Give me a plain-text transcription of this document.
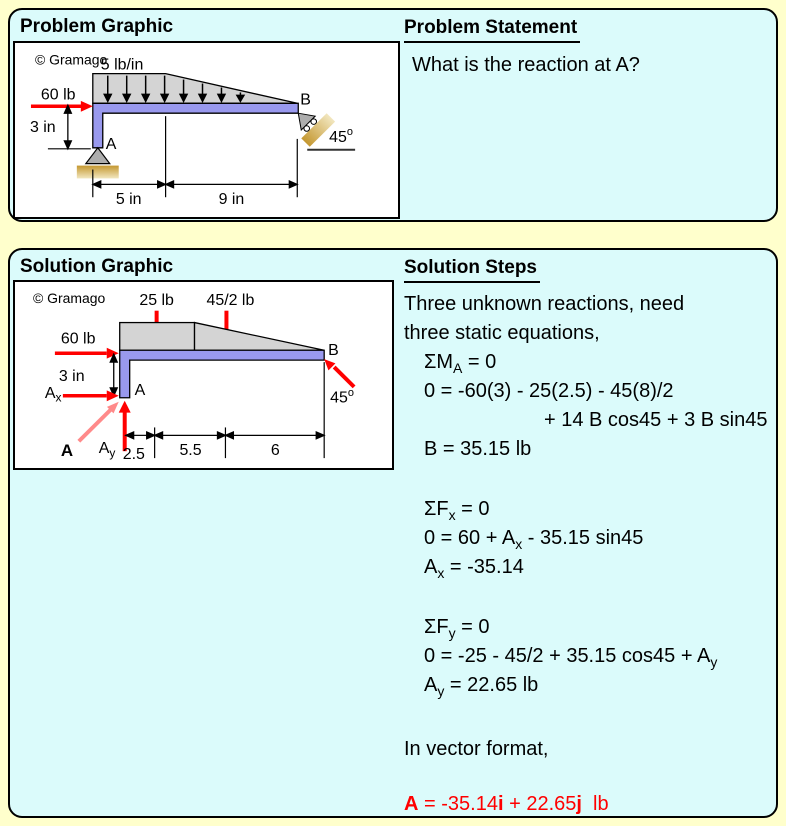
Problem Graphic
© Gramago
5 lb/in
A
60 lb
3 in
B
45$^o$
5 in	9 in
Problem Statement
What is the reaction at A?
Solution Graphic
© Gramago 25 lb 45/2 lb
60 lb
3 in
$A_x$	A
A $A_y$
B
45$^o$
2.5 5.5	6
Solution Steps
Three unknown reactions, need
three static equations,
$\Sigma M_A = 0$
0 = -60(3) - 25(2.5) - 45(8)/2
+ 14 B cos45 + 3 B sin45
B = 35.15 lb
$\Sigma F_x = 0$
$0 = 60 + A_x - 35.15$ sin45
$A_x = -35.14$
$\Sigma F_y = 0$
0 = -25 - 45/2 + 35.15 $\cos 45 + A_y$
$A_y = 22.65$ lb
In vector format,
A = -35.14i + 22.65j  lb
